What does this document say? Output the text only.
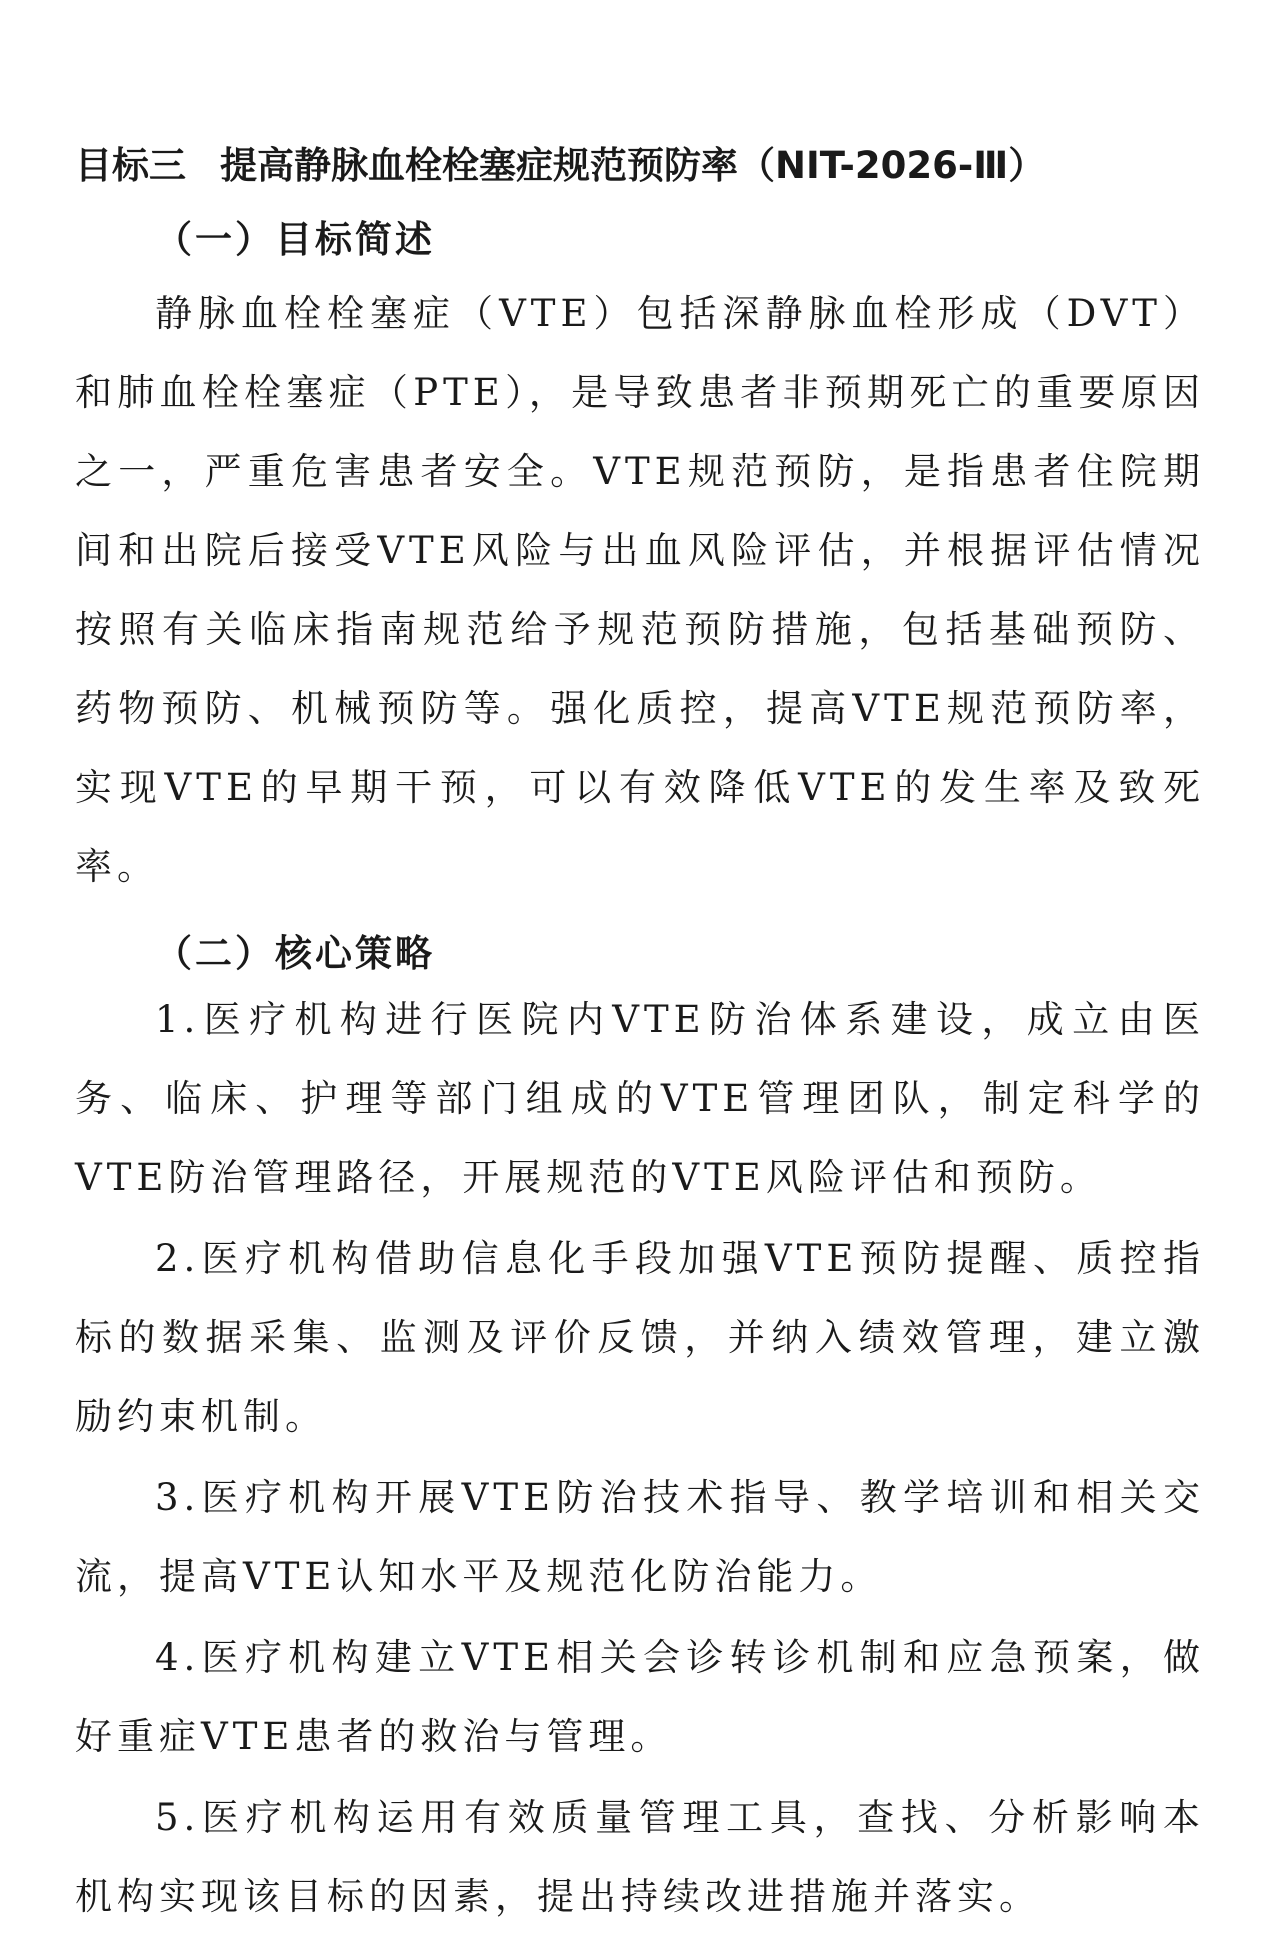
目标三 提高静脉血栓栓塞症规范预防率（NIT-2026-Ⅲ）
（一）目标简述

静脉血栓栓塞症（VTE）包括深静脉血栓形成（DVT）和肺血栓栓塞症（PTE），是导致患者非预期死亡的重要原因之一，严重危害患者安全。VTE规范预防，是指患者住院期间和出院后接受VTE风险与出血风险评估，并根据评估情况按照有关临床指南规范给予规范预防措施，包括基础预防、药物预防、机械预防等。强化质控，提高VTE规范预防率，实现VTE的早期干预，可以有效降低VTE的发生率及致死率。

（二）核心策略

1.医疗机构进行医院内VTE防治体系建设，成立由医务、临床、护理等部门组成的VTE管理团队，制定科学的VTE防治管理路径，开展规范的VTE风险评估和预防。

2.医疗机构借助信息化手段加强VTE预防提醒、质控指标的数据采集、监测及评价反馈，并纳入绩效管理，建立激励约束机制。

3.医疗机构开展VTE防治技术指导、教学培训和相关交流，提高VTE认知水平及规范化防治能力。

4.医疗机构建立VTE相关会诊转诊机制和应急预案，做好重症VTE患者的救治与管理。

5.医疗机构运用有效质量管理工具，查找、分析影响本机构实现该目标的因素，提出持续改进措施并落实。
